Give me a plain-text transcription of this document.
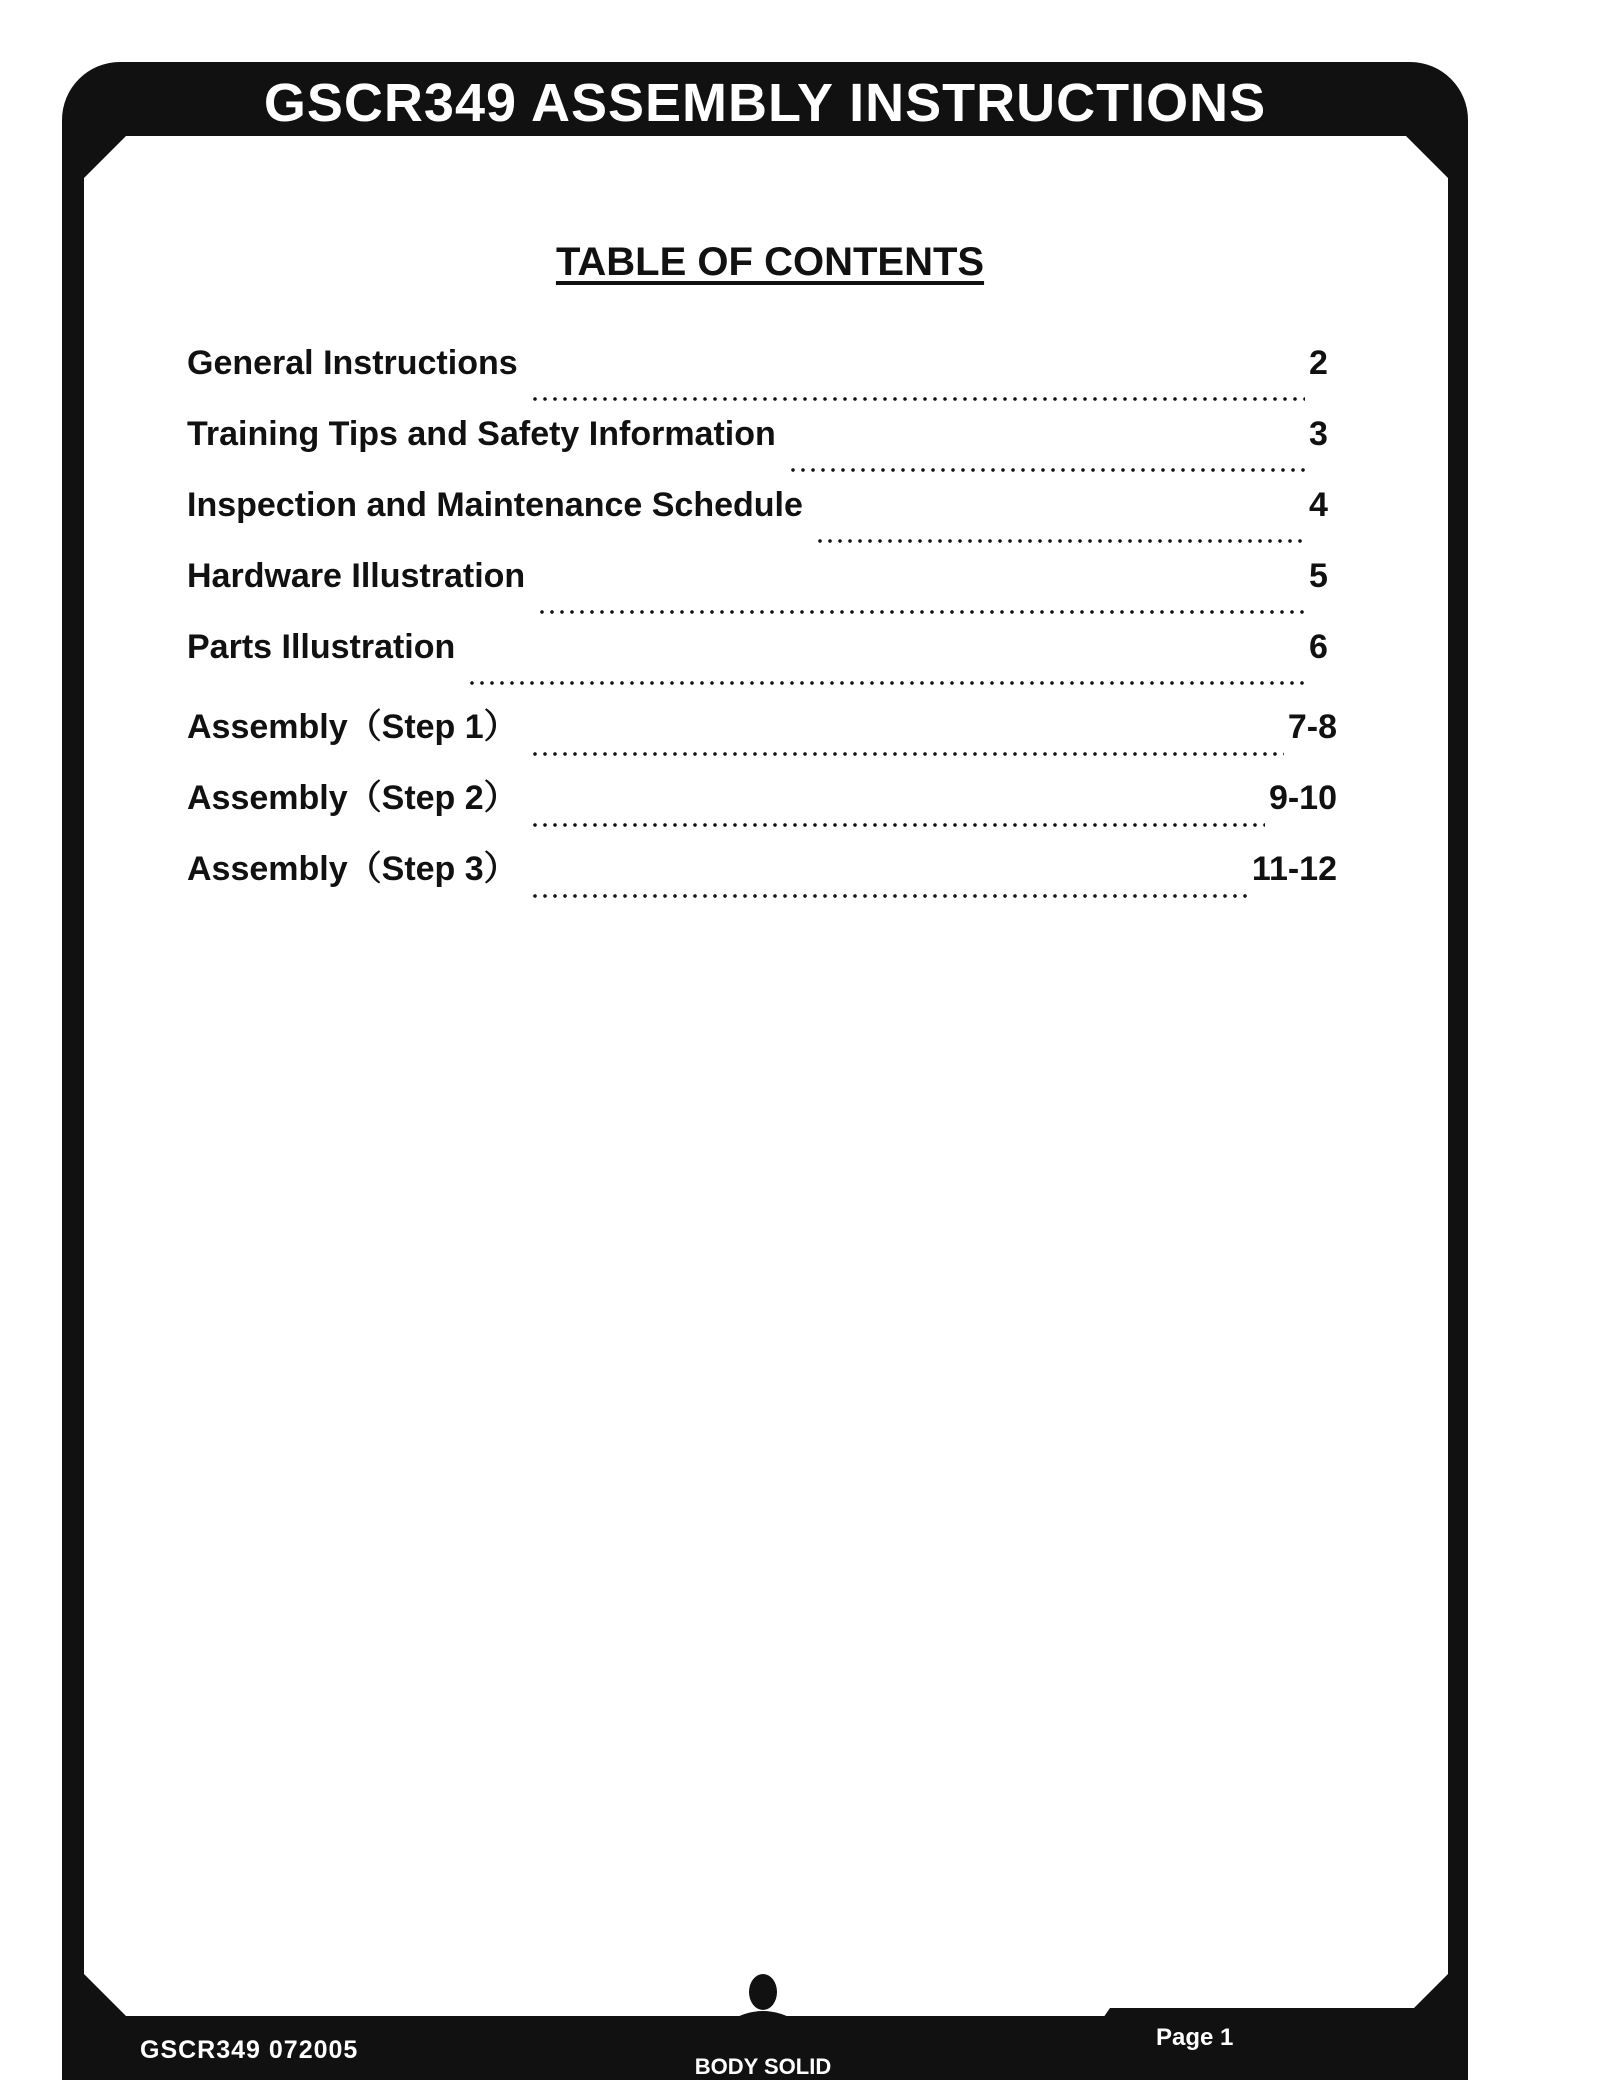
GSCR349 ASSEMBLY INSTRUCTIONS
TABLE OF CONTENTS
General Instructions	2
Training Tips and Safety Information	3
Inspection and Maintenance Schedule	4
Hardware Illustration	5
Parts Illustration	6
Assembly（Step 1）	7-8
Assembly（Step 2）	9-10
Assembly（Step 3）	11-12
GSCR349 072005	Page 1
BODY SOLID
